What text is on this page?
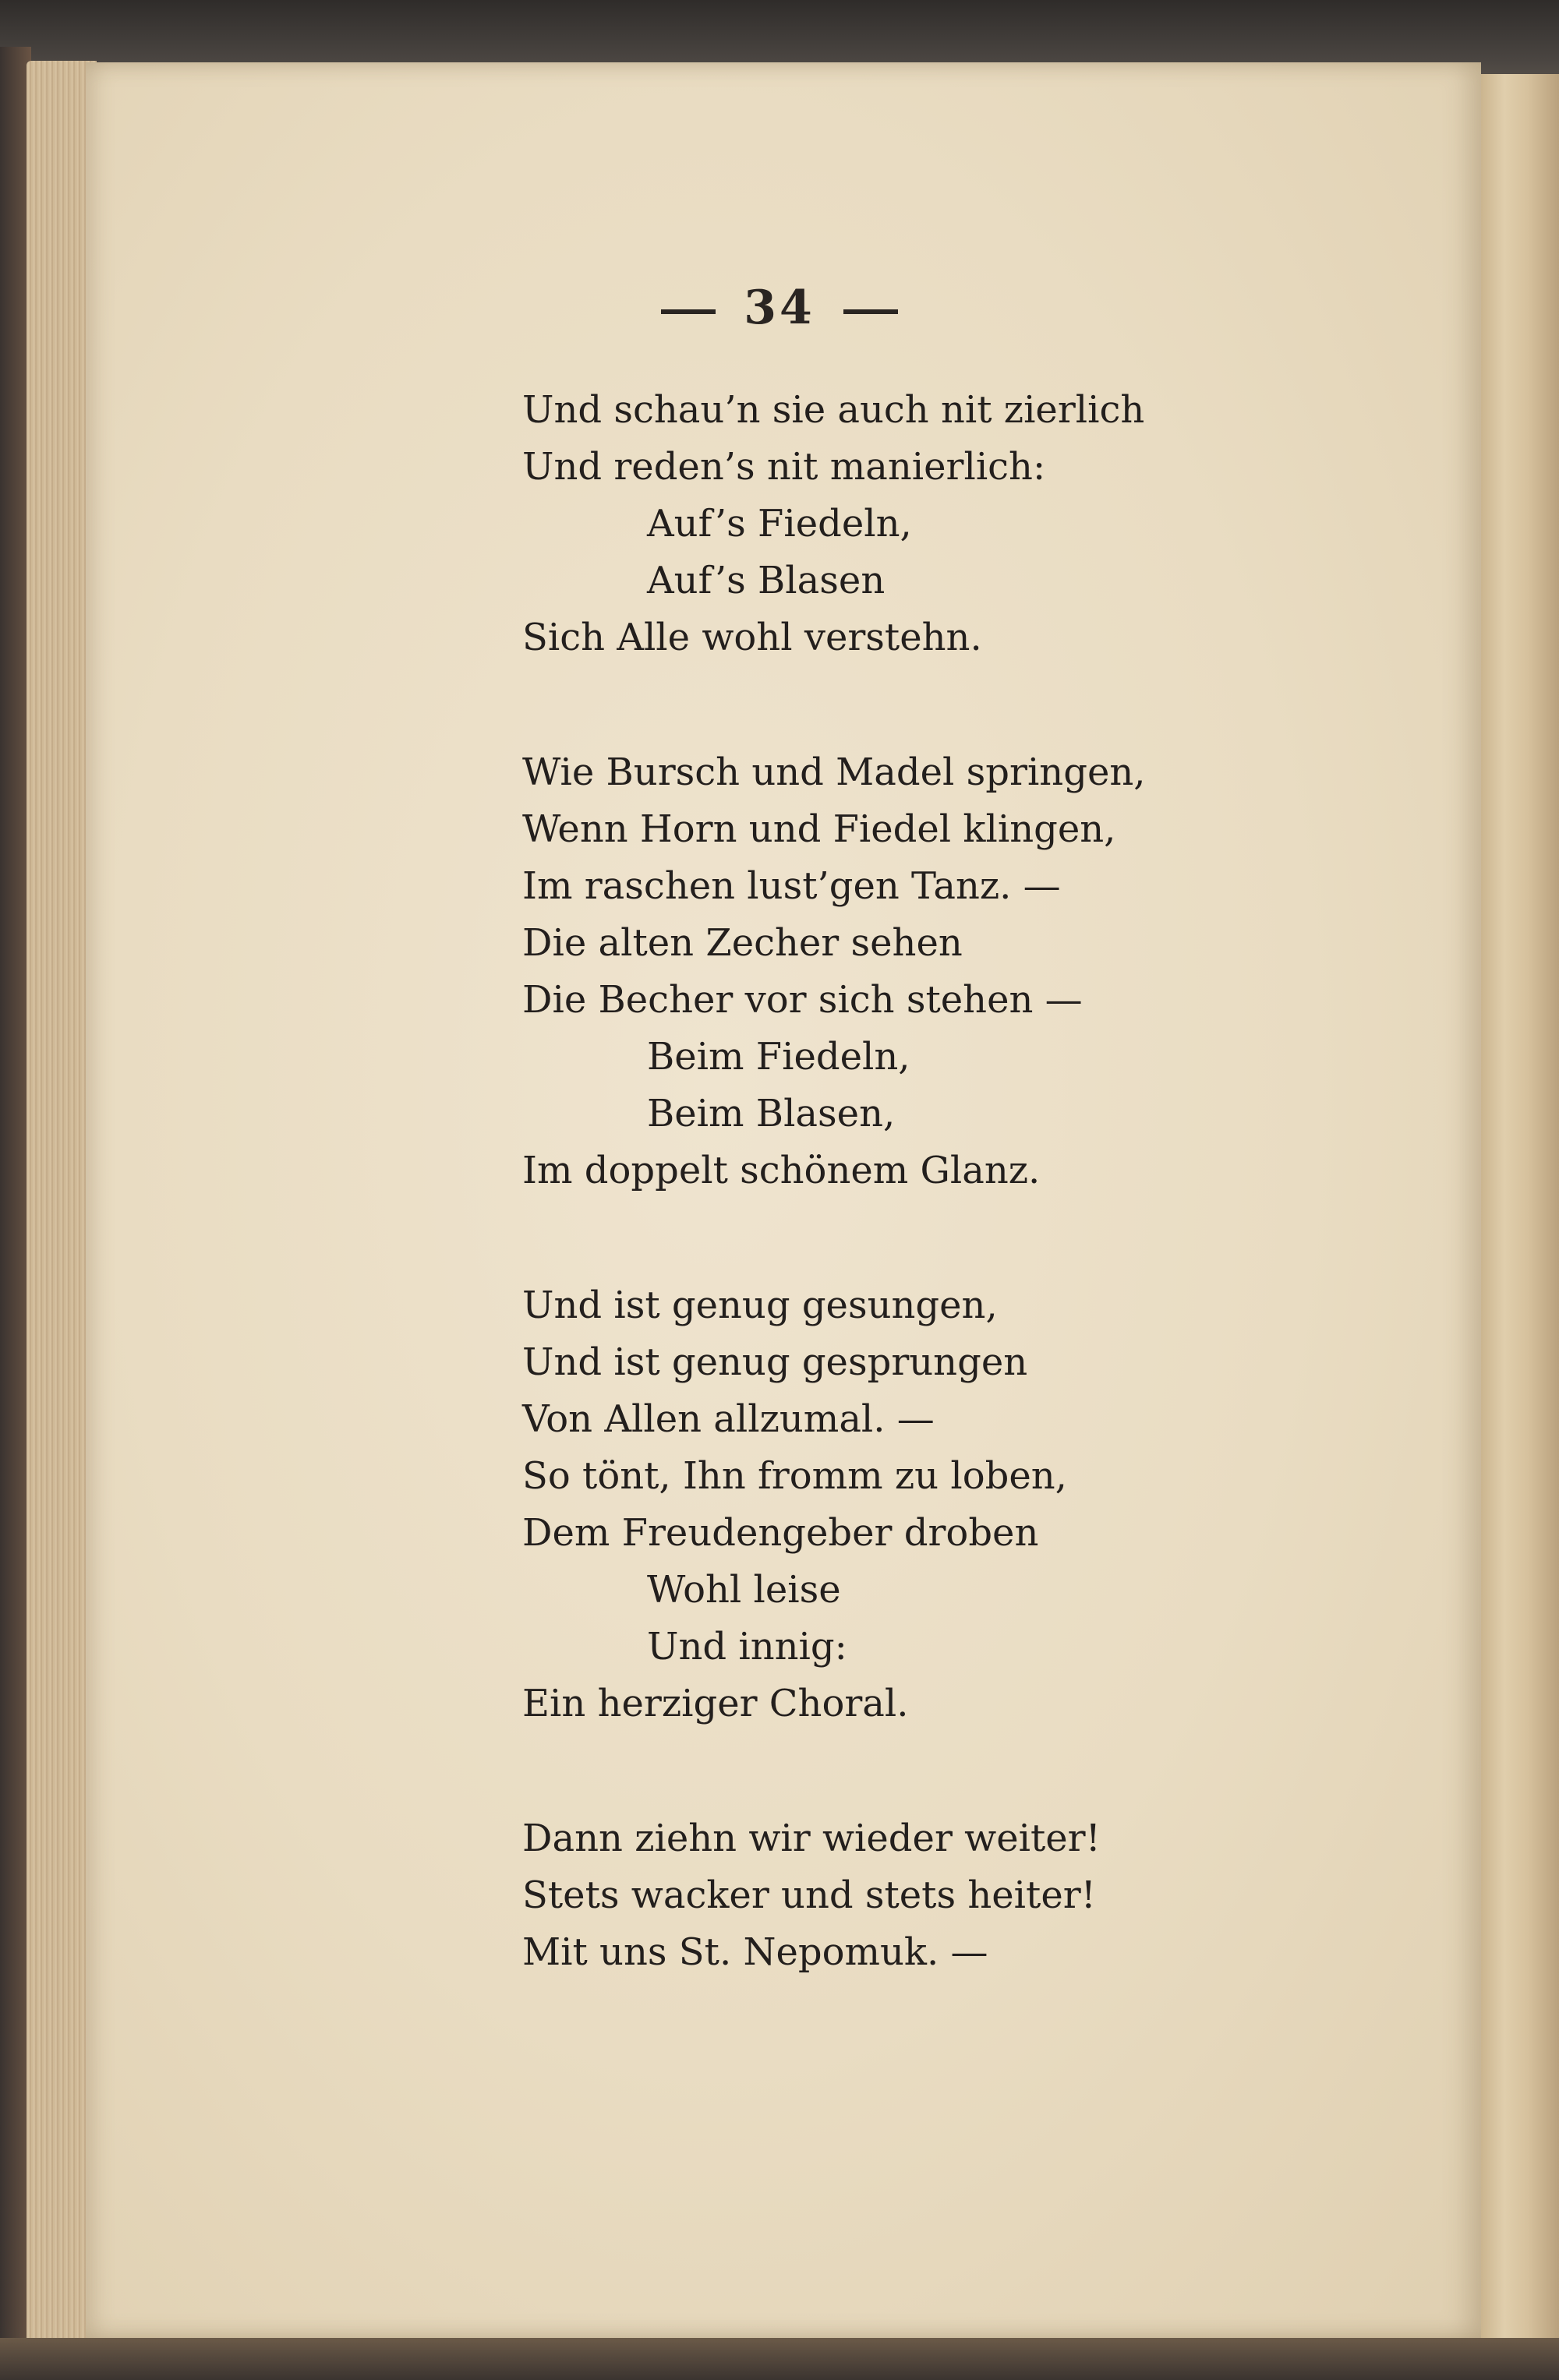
34
Und schau’n sie auch nit zierlich
Und reden’s nit manierlich:
Auf’s Fiedeln,
Auf’s Blasen
Sich Alle wohl verstehn.
Wie Bursch und Madel springen,
Wenn Horn und Fiedel klingen,
Im raschen lust’gen Tanz. —
Die alten Zecher sehen
Die Becher vor sich stehen —
Beim Fiedeln,
Beim Blasen,
Im doppelt schönem Glanz.
Und ist genug gesungen,
Und ist genug gesprungen
Von Allen allzumal. —
So tönt, Ihn fromm zu loben,
Dem Freudengeber droben
Wohl leise
Und innig:
Ein herziger Choral.
Dann ziehn wir wieder weiter!
Stets wacker und stets heiter!
Mit uns St. Nepomuk. —
